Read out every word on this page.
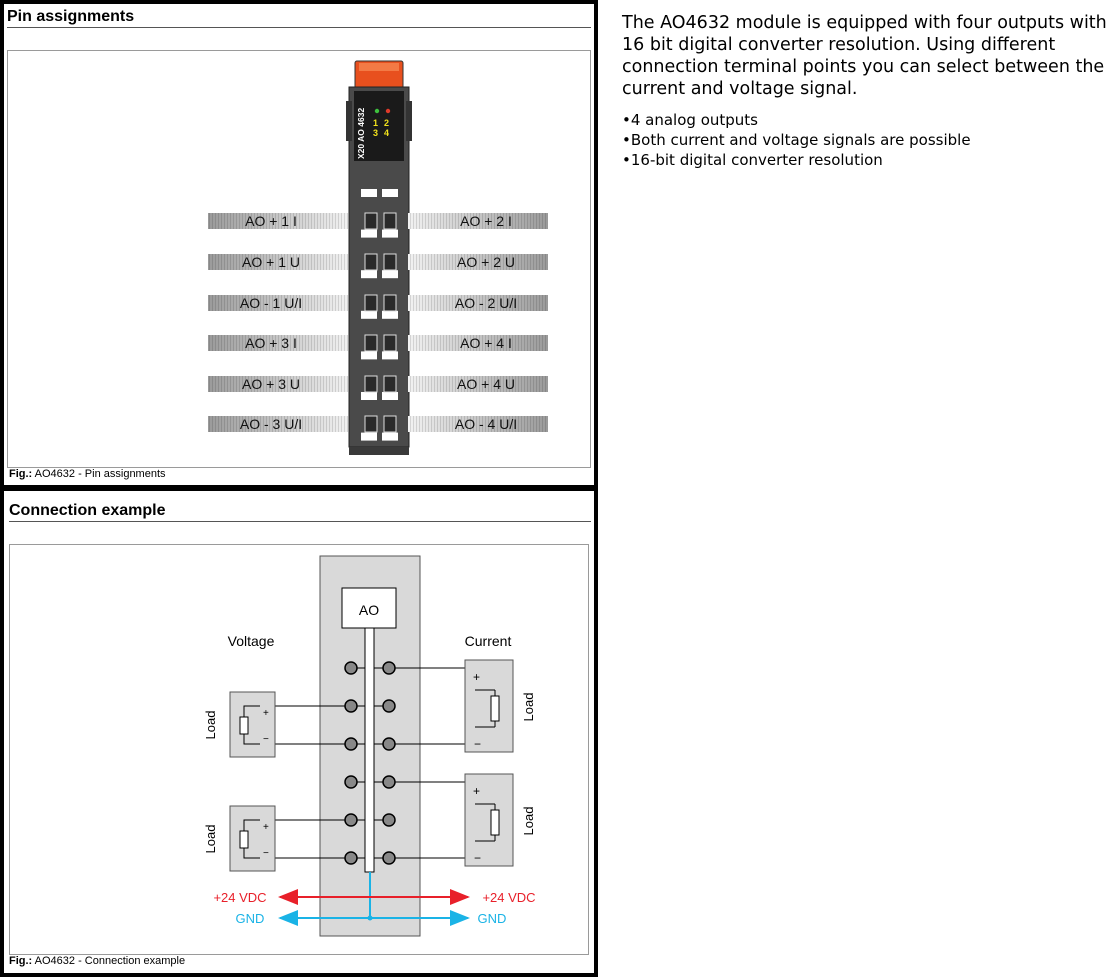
Pin assignments
X20 AO 4632 1 2
3 4
AO + 1 I
AO + 1 U
AO - 1 U/I
AO + 3 I
AO + 3 U
AO - 3 U/I
AO + 2 I
AO + 2 U
AO - 2 U/I
AO + 4 I
AO + 4 U
AO - 4 U/I
Fig.: AO4632 - Pin assignments
Connection example
AO
+24 VDC	+24 VDC
GND	GND
Voltage	Current
+
−
Load
+
−
Load
+
−
Load
+
−
Load
Fig.: AO4632 - Connection example

The AO4632 module is equipped with four outputs with 16 bit digital converter resolution. Using different connection terminal points you can select between the current and voltage signal.

• 4 analog outputs
• Both current and voltage signals are possible
• 16-bit digital converter resolution
